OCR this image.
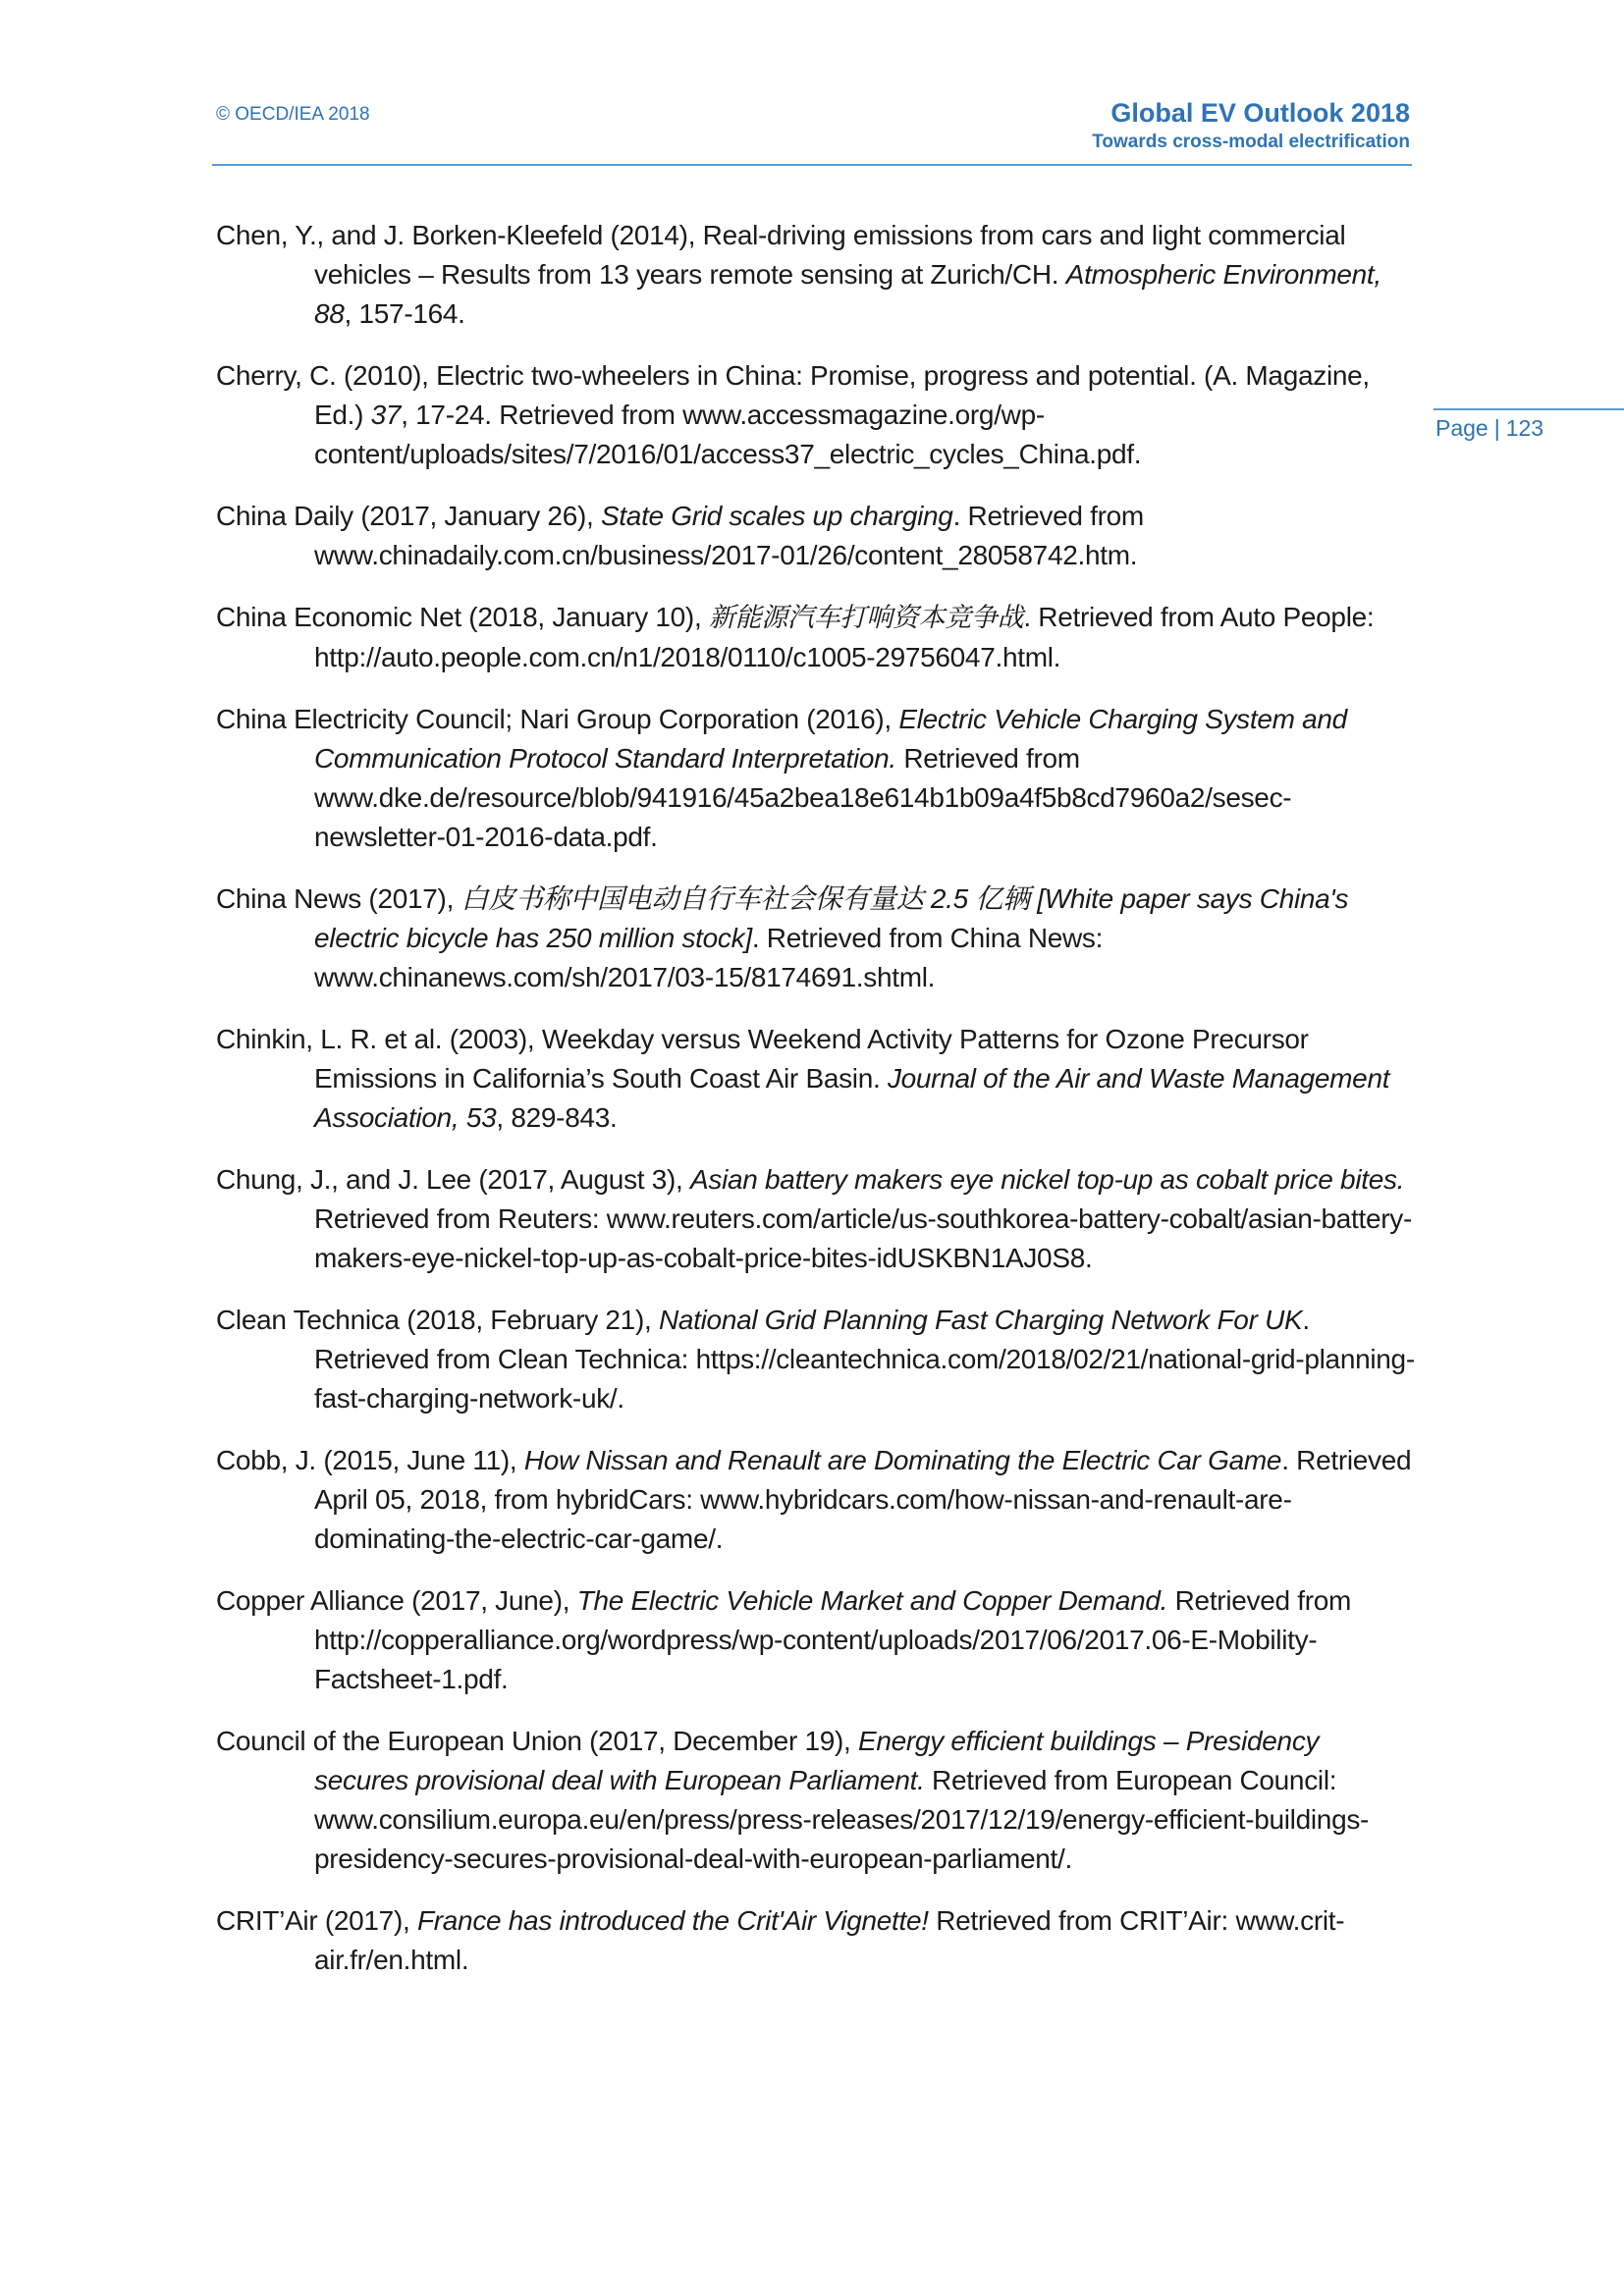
© OECD/IEA 2018	Global EV Outlook 2018
Towards cross-modal electrification
Page | 123
Chen, Y., and J. Borken-Kleefeld (2014), Real-driving emissions from cars and light commercial vehicles – Results from 13 years remote sensing at Zurich/CH. Atmospheric Environment, 88, 157-164.
Cherry, C. (2010), Electric two-wheelers in China: Promise, progress and potential. (A. Magazine, Ed.) 37, 17-24. Retrieved from www.accessmagazine.org/wp-content/uploads/sites/7/2016/01/access37_electric_cycles_China.pdf.
China Daily (2017, January 26), State Grid scales up charging. Retrieved from www.chinadaily.com.cn/business/2017-01/26/content_28058742.htm.
China Economic Net (2018, January 10), 新能源汽车打响资本竞争战. Retrieved from Auto People: http://auto.people.com.cn/n1/2018/0110/c1005-29756047.html.
China Electricity Council; Nari Group Corporation (2016), Electric Vehicle Charging System and Communication Protocol Standard Interpretation. Retrieved from www.dke.de/resource/blob/941916/45a2bea18e614b1b09a4f5b8cd7960a2/sesec-newsletter-01-2016-data.pdf.
China News (2017), 白皮书称中国电动自行车社会保有量达 2.5 亿辆 [White paper says China's electric bicycle has 250 million stock]. Retrieved from China News: www.chinanews.com/sh/2017/03-15/8174691.shtml.
Chinkin, L. R. et al. (2003), Weekday versus Weekend Activity Patterns for Ozone Precursor Emissions in California’s South Coast Air Basin. Journal of the Air and Waste Management Association, 53, 829-843.
Chung, J., and J. Lee (2017, August 3), Asian battery makers eye nickel top-up as cobalt price bites. Retrieved from Reuters: www.reuters.com/article/us-southkorea-battery-cobalt/asian-battery-makers-eye-nickel-top-up-as-cobalt-price-bites-idUSKBN1AJ0S8.
Clean Technica (2018, February 21), National Grid Planning Fast Charging Network For UK. Retrieved from Clean Technica: https://cleantechnica.com/2018/02/21/national-grid-planning-fast-charging-network-uk/.
Cobb, J. (2015, June 11), How Nissan and Renault are Dominating the Electric Car Game. Retrieved April 05, 2018, from hybridCars: www.hybridcars.com/how-nissan-and-renault-are-dominating-the-electric-car-game/.
Copper Alliance (2017, June), The Electric Vehicle Market and Copper Demand. Retrieved from http://copperalliance.org/wordpress/wp-content/uploads/2017/06/2017.06-E-Mobility-Factsheet-1.pdf.
Council of the European Union (2017, December 19), Energy efficient buildings – Presidency secures provisional deal with European Parliament. Retrieved from European Council: www.consilium.europa.eu/en/press/press-releases/2017/12/19/energy-efficient-buildings-presidency-secures-provisional-deal-with-european-parliament/.
CRIT’Air (2017), France has introduced the Crit'Air Vignette! Retrieved from CRIT’Air: www.crit-air.fr/en.html.
